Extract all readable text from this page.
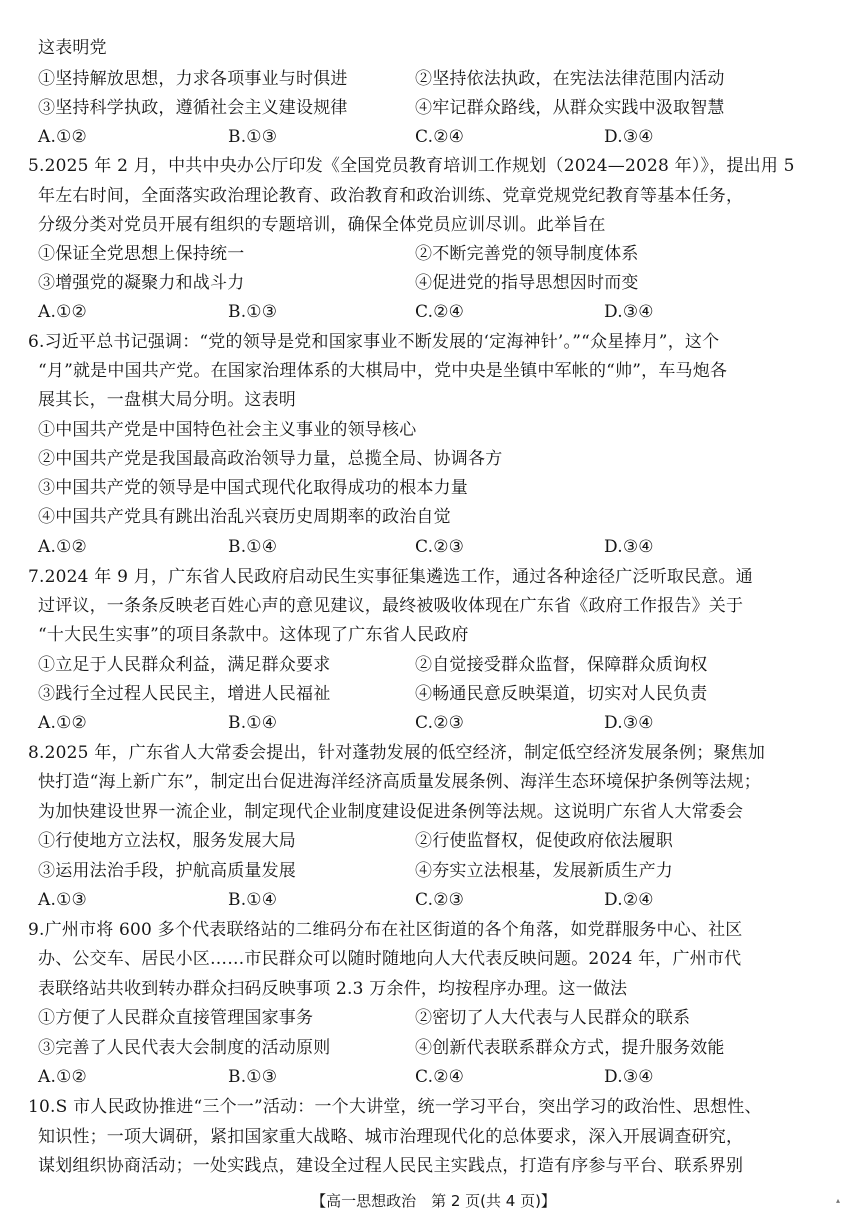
这表明党
①坚持解放思想，力求各项事业与时俱进	②坚持依法执政，在宪法法律范围内活动
③坚持科学执政，遵循社会主义建设规律	④牢记群众路线，从群众实践中汲取智慧
A.①②	B.①③	C.②④	D.③④
5.2025 年 2 月，中共中央办公厅印发《全国党员教育培训工作规划（2024—2028 年）》，提出用 5
年左右时间，全面落实政治理论教育、政治教育和政治训练、党章党规党纪教育等基本任务，
分级分类对党员开展有组织的专题培训，确保全体党员应训尽训。此举旨在
①保证全党思想上保持统一	②不断完善党的领导制度体系
③增强党的凝聚力和战斗力	④促进党的指导思想因时而变
A.①②	B.①③	C.②④	D.③④
6.习近平总书记强调：“党的领导是党和国家事业不断发展的‘定海神针’。”“众星捧月”，这个
“月”就是中国共产党。在国家治理体系的大棋局中，党中央是坐镇中军帐的“帅”，车马炮各
展其长，一盘棋大局分明。这表明
①中国共产党是中国特色社会主义事业的领导核心
②中国共产党是我国最高政治领导力量，总揽全局、协调各方
③中国共产党的领导是中国式现代化取得成功的根本力量
④中国共产党具有跳出治乱兴衰历史周期率的政治自觉
A.①②	B.①④	C.②③	D.③④
7.2024 年 9 月，广东省人民政府启动民生实事征集遴选工作，通过各种途径广泛听取民意。通
过评议，一条条反映老百姓心声的意见建议，最终被吸收体现在广东省《政府工作报告》关于
“十大民生实事”的项目条款中。这体现了广东省人民政府
①立足于人民群众利益，满足群众要求	②自觉接受群众监督，保障群众质询权
③践行全过程人民民主，增进人民福祉	④畅通民意反映渠道，切实对人民负责
A.①②	B.①④	C.②③	D.③④
8.2025 年，广东省人大常委会提出，针对蓬勃发展的低空经济，制定低空经济发展条例；聚焦加
快打造“海上新广东”，制定出台促进海洋经济高质量发展条例、海洋生态环境保护条例等法规；
为加快建设世界一流企业，制定现代企业制度建设促进条例等法规。这说明广东省人大常委会
①行使地方立法权，服务发展大局	②行使监督权，促使政府依法履职
③运用法治手段，护航高质量发展	④夯实立法根基，发展新质生产力
A.①③	B.①④	C.②③	D.②④
9.广州市将 600 多个代表联络站的二维码分布在社区街道的各个角落，如党群服务中心、社区
办、公交车、居民小区……市民群众可以随时随地向人大代表反映问题。2024 年，广州市代
表联络站共收到转办群众扫码反映事项 2.3 万余件，均按程序办理。这一做法
①方便了人民群众直接管理国家事务	②密切了人大代表与人民群众的联系
③完善了人民代表大会制度的活动原则	④创新代表联系群众方式，提升服务效能
A.①②	B.①③	C.②④	D.③④
10.S 市人民政协推进“三个一”活动：一个大讲堂，统一学习平台，突出学习的政治性、思想性、
知识性；一项大调研，紧扣国家重大战略、城市治理现代化的总体要求，深入开展调查研究，
谋划组织协商活动；一处实践点，建设全过程人民民主实践点，打造有序参与平台、联系界别
【高一思想政治　第 2 页(共 4 页)】	▴
